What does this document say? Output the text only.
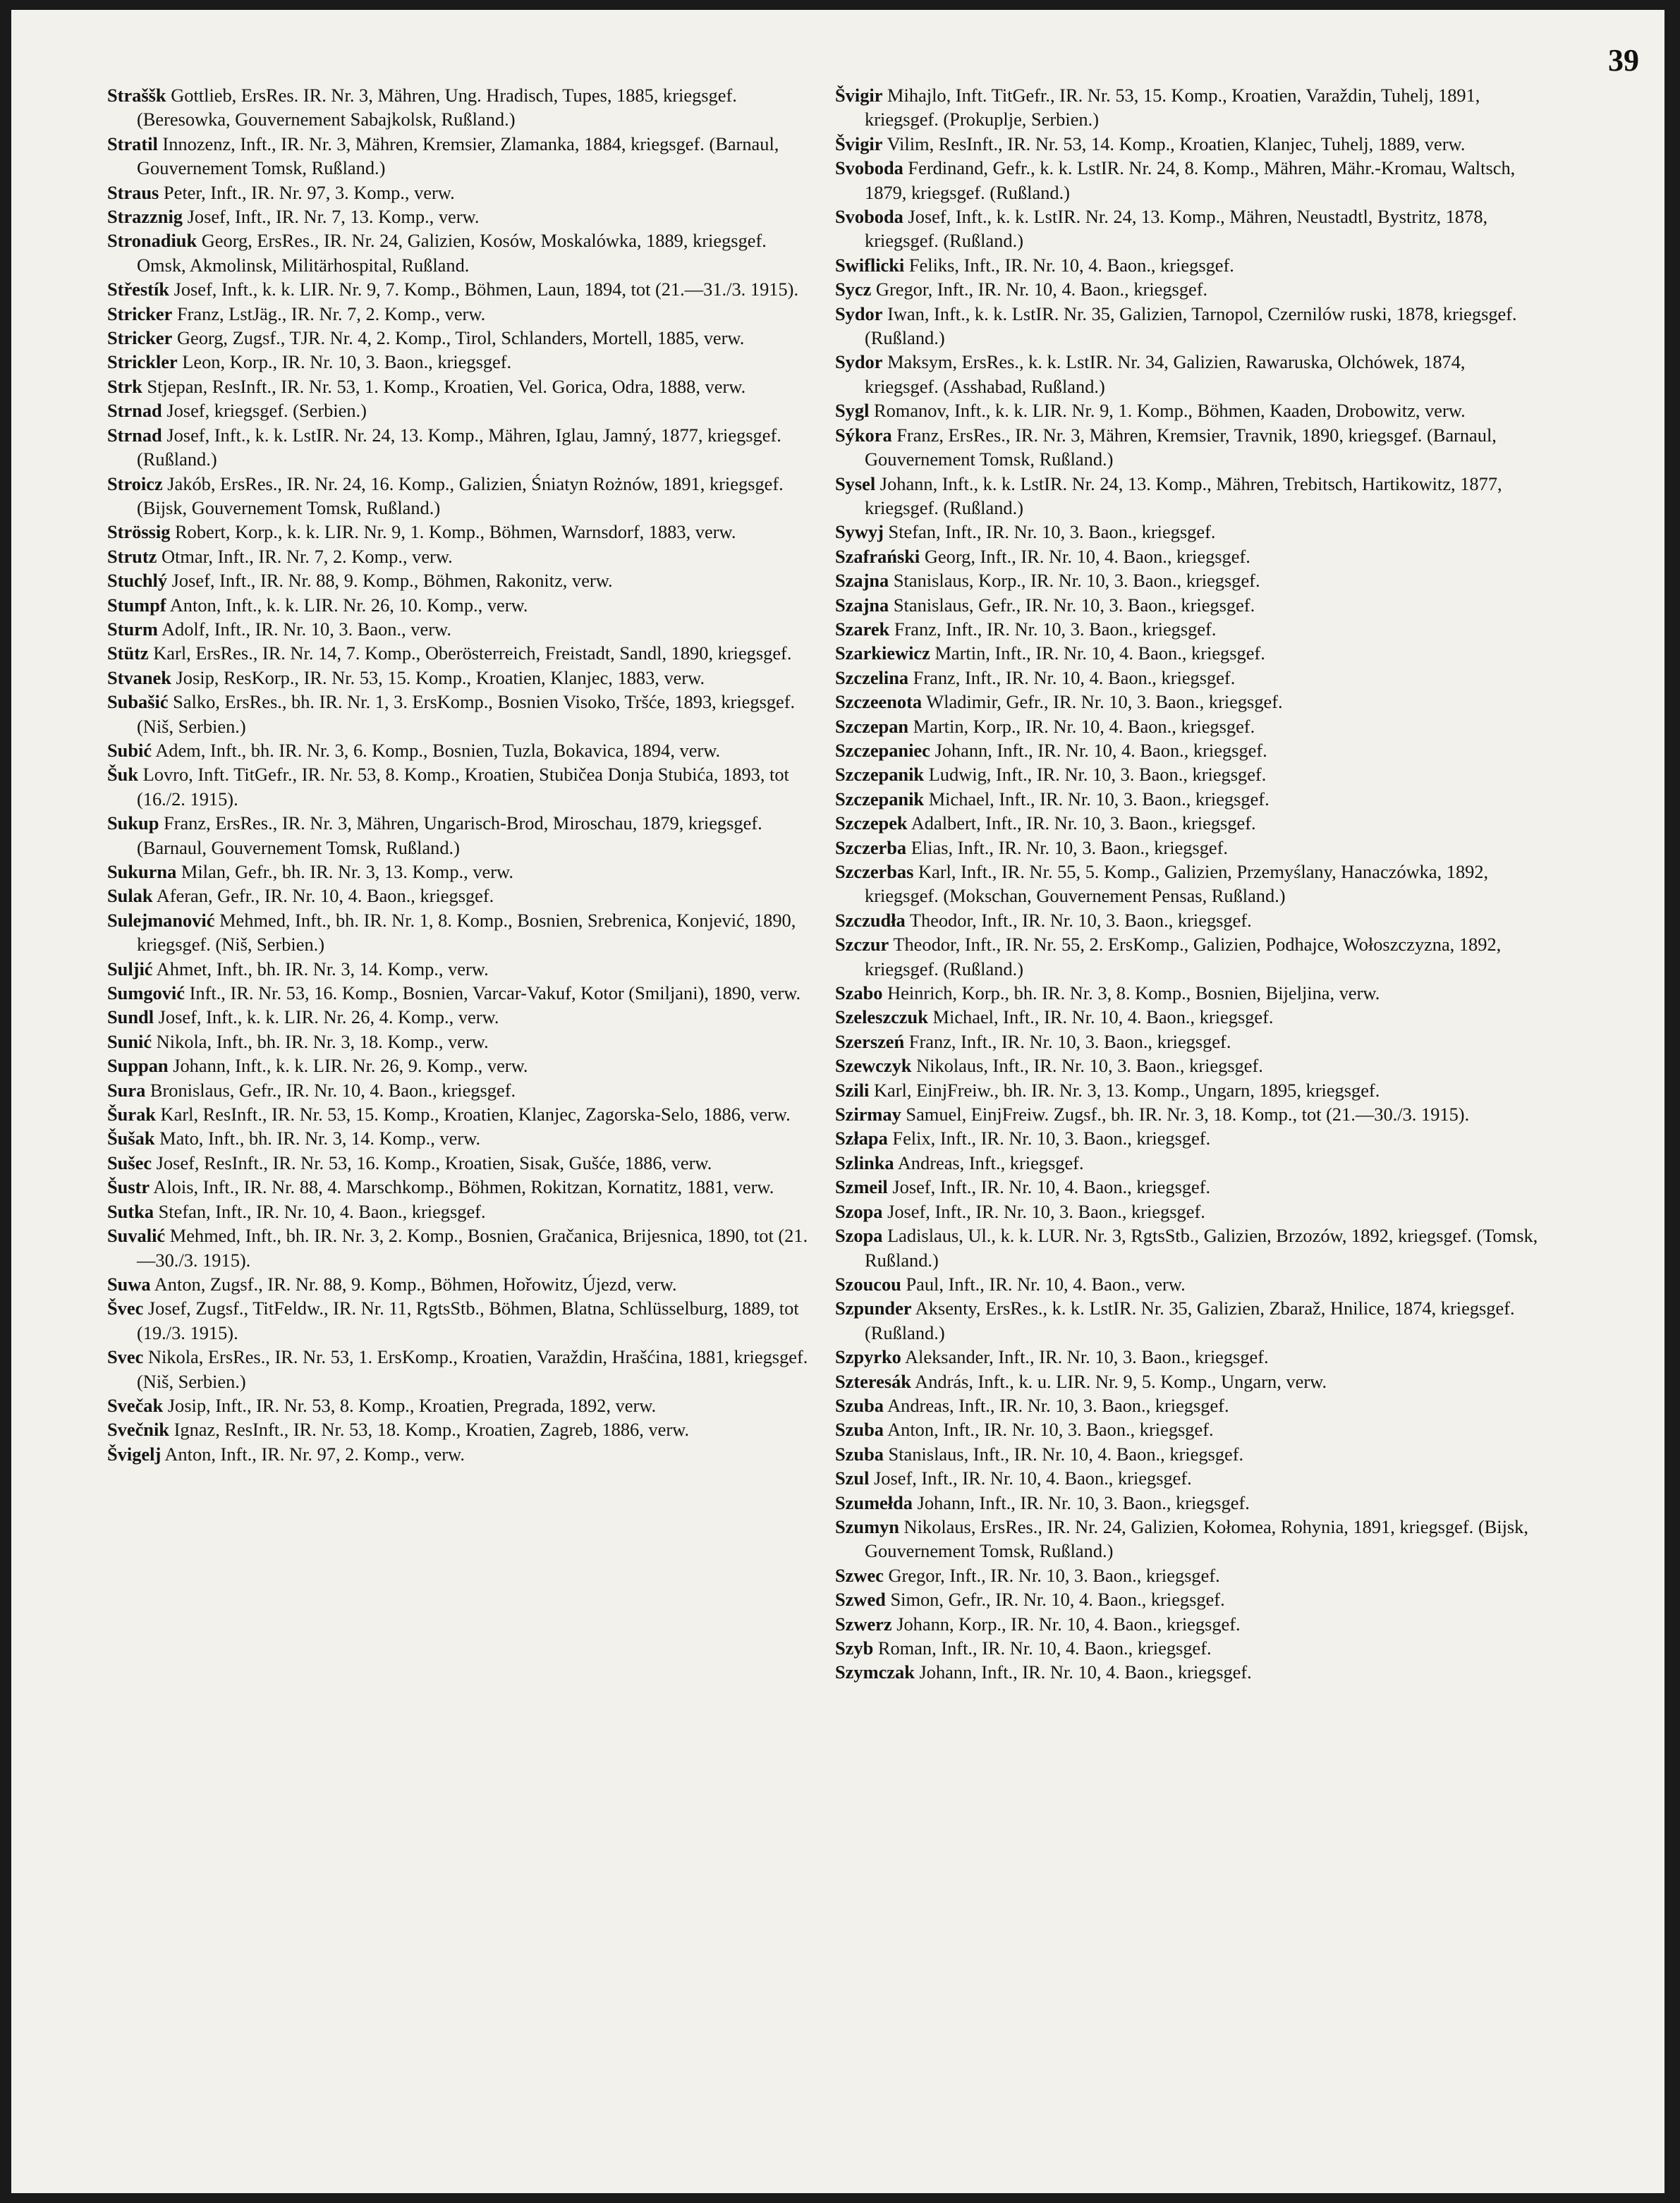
39

Straššk Gottlieb, ErsRes. IR. Nr. 3, Mähren, Ung. Hradisch, Tupes, 1885, kriegsgef. (Beresowka, Gouvernement Sabajkolsk, Rußland.)

Stratil Innozenz, Inft., IR. Nr. 3, Mähren, Kremsier, Zlamanka, 1884, kriegsgef. (Barnaul, Gouvernement Tomsk, Rußland.)

Straus Peter, Inft., IR. Nr. 97, 3. Komp., verw.

Strazznig Josef, Inft., IR. Nr. 7, 13. Komp., verw.

Stronadiuk Georg, ErsRes., IR. Nr. 24, Galizien, Kosów, Moskalówka, 1889, kriegsgef. Omsk, Akmolinsk, Militärhospital, Rußland.

Střestík Josef, Inft., k. k. LIR. Nr. 9, 7. Komp., Böhmen, Laun, 1894, tot (21.—31./3. 1915).

Stricker Franz, LstJäg., IR. Nr. 7, 2. Komp., verw.

Stricker Georg, Zugsf., TJR. Nr. 4, 2. Komp., Tirol, Schlanders, Mortell, 1885, verw.

Strickler Leon, Korp., IR. Nr. 10, 3. Baon., kriegsgef.

Strk Stjepan, ResInft., IR. Nr. 53, 1. Komp., Kroatien, Vel. Gorica, Odra, 1888, verw.

Strnad Josef, kriegsgef. (Serbien.)

Strnad Josef, Inft., k. k. LstIR. Nr. 24, 13. Komp., Mähren, Iglau, Jamný, 1877, kriegsgef. (Rußland.)

Stroicz Jakób, ErsRes., IR. Nr. 24, 16. Komp., Galizien, Śniatyn Rożnów, 1891, kriegsgef. (Bijsk, Gouvernement Tomsk, Rußland.)

Strössig Robert, Korp., k. k. LIR. Nr. 9, 1. Komp., Böhmen, Warnsdorf, 1883, verw.

Strutz Otmar, Inft., IR. Nr. 7, 2. Komp., verw.

Stuchlý Josef, Inft., IR. Nr. 88, 9. Komp., Böhmen, Rakonitz, verw.

Stumpf Anton, Inft., k. k. LIR. Nr. 26, 10. Komp., verw.

Sturm Adolf, Inft., IR. Nr. 10, 3. Baon., verw.

Stütz Karl, ErsRes., IR. Nr. 14, 7. Komp., Oberösterreich, Freistadt, Sandl, 1890, kriegsgef.

Stvanek Josip, ResKorp., IR. Nr. 53, 15. Komp., Kroatien, Klanjec, 1883, verw.

Subašić Salko, ErsRes., bh. IR. Nr. 1, 3. ErsKomp., Bosnien Visoko, Tršće, 1893, kriegsgef. (Niš, Serbien.)

Subić Adem, Inft., bh. IR. Nr. 3, 6. Komp., Bosnien, Tuzla, Bokavica, 1894, verw.

Šuk Lovro, Inft. TitGefr., IR. Nr. 53, 8. Komp., Kroatien, Stubičea Donja Stubića, 1893, tot (16./2. 1915).

Sukup Franz, ErsRes., IR. Nr. 3, Mähren, Ungarisch-Brod, Miroschau, 1879, kriegsgef. (Barnaul, Gouvernement Tomsk, Rußland.)

Sukurna Milan, Gefr., bh. IR. Nr. 3, 13. Komp., verw.

Sulak Aferan, Gefr., IR. Nr. 10, 4. Baon., kriegsgef.

Sulejmanović Mehmed, Inft., bh. IR. Nr. 1, 8. Komp., Bosnien, Srebrenica, Konjević, 1890, kriegsgef. (Niš, Serbien.)

Suljić Ahmet, Inft., bh. IR. Nr. 3, 14. Komp., verw.

Sumgović Inft., IR. Nr. 53, 16. Komp., Bosnien, Varcar-Vakuf, Kotor (Smiljani), 1890, verw.

Sundl Josef, Inft., k. k. LIR. Nr. 26, 4. Komp., verw.

Sunić Nikola, Inft., bh. IR. Nr. 3, 18. Komp., verw.

Suppan Johann, Inft., k. k. LIR. Nr. 26, 9. Komp., verw.

Sura Bronislaus, Gefr., IR. Nr. 10, 4. Baon., kriegsgef.

Šurak Karl, ResInft., IR. Nr. 53, 15. Komp., Kroatien, Klanjec, Zagorska-Selo, 1886, verw.

Šušak Mato, Inft., bh. IR. Nr. 3, 14. Komp., verw.

Sušec Josef, ResInft., IR. Nr. 53, 16. Komp., Kroatien, Sisak, Gušće, 1886, verw.

Šustr Alois, Inft., IR. Nr. 88, 4. Marschkomp., Böhmen, Rokitzan, Kornatitz, 1881, verw.

Sutka Stefan, Inft., IR. Nr. 10, 4. Baon., kriegsgef.

Suvalić Mehmed, Inft., bh. IR. Nr. 3, 2. Komp., Bosnien, Gračanica, Brijesnica, 1890, tot (21.—30./3. 1915).

Suwa Anton, Zugsf., IR. Nr. 88, 9. Komp., Böhmen, Hořowitz, Újezd, verw.

Švec Josef, Zugsf., TitFeldw., IR. Nr. 11, RgtsStb., Böhmen, Blatna, Schlüsselburg, 1889, tot (19./3. 1915).

Svec Nikola, ErsRes., IR. Nr. 53, 1. ErsKomp., Kroatien, Varaždin, Hrašćina, 1881, kriegsgef. (Niš, Serbien.)

Svečak Josip, Inft., IR. Nr. 53, 8. Komp., Kroatien, Pregrada, 1892, verw.

Svečnik Ignaz, ResInft., IR. Nr. 53, 18. Komp., Kroatien, Zagreb, 1886, verw.

Švigelj Anton, Inft., IR. Nr. 97, 2. Komp., verw.

Švigir Mihajlo, Inft. TitGefr., IR. Nr. 53, 15. Komp., Kroatien, Varaždin, Tuhelj, 1891, kriegsgef. (Prokuplje, Serbien.)

Švigir Vilim, ResInft., IR. Nr. 53, 14. Komp., Kroatien, Klanjec, Tuhelj, 1889, verw.

Svoboda Ferdinand, Gefr., k. k. LstIR. Nr. 24, 8. Komp., Mähren, Mähr.-Kromau, Waltsch, 1879, kriegsgef. (Rußland.)

Svoboda Josef, Inft., k. k. LstIR. Nr. 24, 13. Komp., Mähren, Neustadtl, Bystritz, 1878, kriegsgef. (Rußland.)

Swiflicki Feliks, Inft., IR. Nr. 10, 4. Baon., kriegsgef.

Sycz Gregor, Inft., IR. Nr. 10, 4. Baon., kriegsgef.

Sydor Iwan, Inft., k. k. LstIR. Nr. 35, Galizien, Tarnopol, Czernilów ruski, 1878, kriegsgef. (Rußland.)

Sydor Maksym, ErsRes., k. k. LstIR. Nr. 34, Galizien, Rawaruska, Olchówek, 1874, kriegsgef. (Asshabad, Rußland.)

Sygl Romanov, Inft., k. k. LIR. Nr. 9, 1. Komp., Böhmen, Kaaden, Drobowitz, verw.

Sýkora Franz, ErsRes., IR. Nr. 3, Mähren, Kremsier, Travnik, 1890, kriegsgef. (Barnaul, Gouvernement Tomsk, Rußland.)

Sysel Johann, Inft., k. k. LstIR. Nr. 24, 13. Komp., Mähren, Trebitsch, Hartikowitz, 1877, kriegsgef. (Rußland.)

Sywyj Stefan, Inft., IR. Nr. 10, 3. Baon., kriegsgef.

Szafrański Georg, Inft., IR. Nr. 10, 4. Baon., kriegsgef.

Szajna Stanislaus, Korp., IR. Nr. 10, 3. Baon., kriegsgef.

Szajna Stanislaus, Gefr., IR. Nr. 10, 3. Baon., kriegsgef.

Szarek Franz, Inft., IR. Nr. 10, 3. Baon., kriegsgef.

Szarkiewicz Martin, Inft., IR. Nr. 10, 4. Baon., kriegsgef.

Szczelina Franz, Inft., IR. Nr. 10, 4. Baon., kriegsgef.

Szczeenota Wladimir, Gefr., IR. Nr. 10, 3. Baon., kriegsgef.

Szczepan Martin, Korp., IR. Nr. 10, 4. Baon., kriegsgef.

Szczepaniec Johann, Inft., IR. Nr. 10, 4. Baon., kriegsgef.

Szczepanik Ludwig, Inft., IR. Nr. 10, 3. Baon., kriegsgef.

Szczepanik Michael, Inft., IR. Nr. 10, 3. Baon., kriegsgef.

Szczepek Adalbert, Inft., IR. Nr. 10, 3. Baon., kriegsgef.

Szczerba Elias, Inft., IR. Nr. 10, 3. Baon., kriegsgef.

Szczerbas Karl, Inft., IR. Nr. 55, 5. Komp., Galizien, Przemyślany, Hanaczówka, 1892, kriegsgef. (Mokschan, Gouvernement Pensas, Rußland.)

Szczudła Theodor, Inft., IR. Nr. 10, 3. Baon., kriegsgef.

Szczur Theodor, Inft., IR. Nr. 55, 2. ErsKomp., Galizien, Podhajce, Wołoszczyzna, 1892, kriegsgef. (Rußland.)

Szabo Heinrich, Korp., bh. IR. Nr. 3, 8. Komp., Bosnien, Bijeljina, verw.

Szeleszczuk Michael, Inft., IR. Nr. 10, 4. Baon., kriegsgef.

Szerszeń Franz, Inft., IR. Nr. 10, 3. Baon., kriegsgef.

Szewczyk Nikolaus, Inft., IR. Nr. 10, 3. Baon., kriegsgef.

Szili Karl, EinjFreiw., bh. IR. Nr. 3, 13. Komp., Ungarn, 1895, kriegsgef.

Szirmay Samuel, EinjFreiw. Zugsf., bh. IR. Nr. 3, 18. Komp., tot (21.—30./3. 1915).

Szłapa Felix, Inft., IR. Nr. 10, 3. Baon., kriegsgef.

Szlinka Andreas, Inft., kriegsgef.

Szmeil Josef, Inft., IR. Nr. 10, 4. Baon., kriegsgef.

Szopa Josef, Inft., IR. Nr. 10, 3. Baon., kriegsgef.

Szopa Ladislaus, Ul., k. k. LUR. Nr. 3, RgtsStb., Galizien, Brzozów, 1892, kriegsgef. (Tomsk, Rußland.)

Szoucou Paul, Inft., IR. Nr. 10, 4. Baon., verw.

Szpunder Aksenty, ErsRes., k. k. LstIR. Nr. 35, Galizien, Zbaraž, Hnilice, 1874, kriegsgef. (Rußland.)

Szpyrko Aleksander, Inft., IR. Nr. 10, 3. Baon., kriegsgef.

Szteresák András, Inft., k. u. LIR. Nr. 9, 5. Komp., Ungarn, verw.

Szuba Andreas, Inft., IR. Nr. 10, 3. Baon., kriegsgef.

Szuba Anton, Inft., IR. Nr. 10, 3. Baon., kriegsgef.

Szuba Stanislaus, Inft., IR. Nr. 10, 4. Baon., kriegsgef.

Szul Josef, Inft., IR. Nr. 10, 4. Baon., kriegsgef.

Szumełda Johann, Inft., IR. Nr. 10, 3. Baon., kriegsgef.

Szumyn Nikolaus, ErsRes., IR. Nr. 24, Galizien, Kołomea, Rohynia, 1891, kriegsgef. (Bijsk, Gouvernement Tomsk, Rußland.)

Szwec Gregor, Inft., IR. Nr. 10, 3. Baon., kriegsgef.

Szwed Simon, Gefr., IR. Nr. 10, 4. Baon., kriegsgef.

Szwerz Johann, Korp., IR. Nr. 10, 4. Baon., kriegsgef.

Szyb Roman, Inft., IR. Nr. 10, 4. Baon., kriegsgef.

Szymczak Johann, Inft., IR. Nr. 10, 4. Baon., kriegsgef.
